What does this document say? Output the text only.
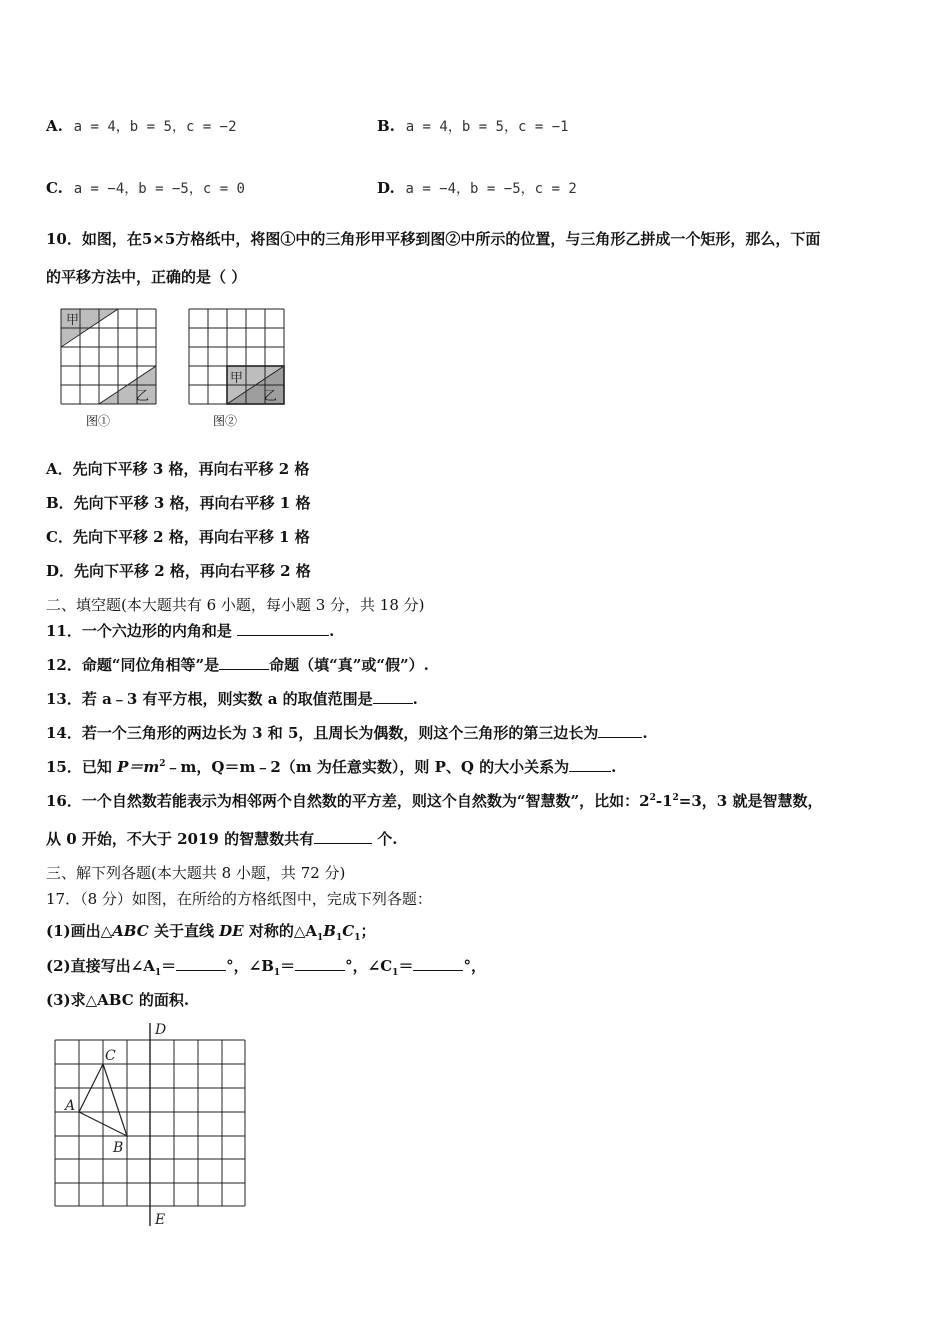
A. a = 4，b = 5，c = −2	B. a = 4，b = 5，c = −1
C. a = −4，b = −5，c = 0	D. a = −4，b = −5，c = 2
10．如图，在5×5方格纸中，将图①中的三角形甲平移到图②中所示的位置，与三角形乙拼成一个矩形，那么，下面
的平移方法中，正确的是（ ）
甲
乙
图①
甲
乙
图②
A．先向下平移 3 格，再向右平移 2 格
B．先向下平移 3 格，再向右平移 1 格
C．先向下平移 2 格，再向右平移 1 格
D．先向下平移 2 格，再向右平移 2 格
二、填空题(本大题共有 6 小题，每小题 3 分，共 18 分)
11．一个六边形的内角和是	.
12．命题“同位角相等”是	命题（填“真”或“假”）.
13．若 a﹣3 有平方根，则实数 a 的取值范围是	.
14．若一个三角形的两边长为 3 和 5，且周长为偶数，则这个三角形的第三边长为	.
15．已知 $P=m^2﹣m$，Q＝m﹣2（m 为任意实数），则 P、Q 的大小关系为	.
16．一个自然数若能表示为相邻两个自然数的平方差，则这个自然数为“智慧数”，比如：$2^2-1^2=3$，3 就是智慧数，
从 0 开始，不大于 2019 的智慧数共有	个.
三、解下列各题(本大题共 8 小题，共 72 分)
17．（8 分）如图，在所给的方格纸图中，完成下列各题：
(1)画出△ABC 关于直线 DE 对称的$\triangle A_1B_1C_1$；
(2)直接写出$\angle A_1=$	°，$\angle B_1=$	°，$\angle C_1=$	°，
(3)求△ABC 的面积.
D
E
C
A
B
